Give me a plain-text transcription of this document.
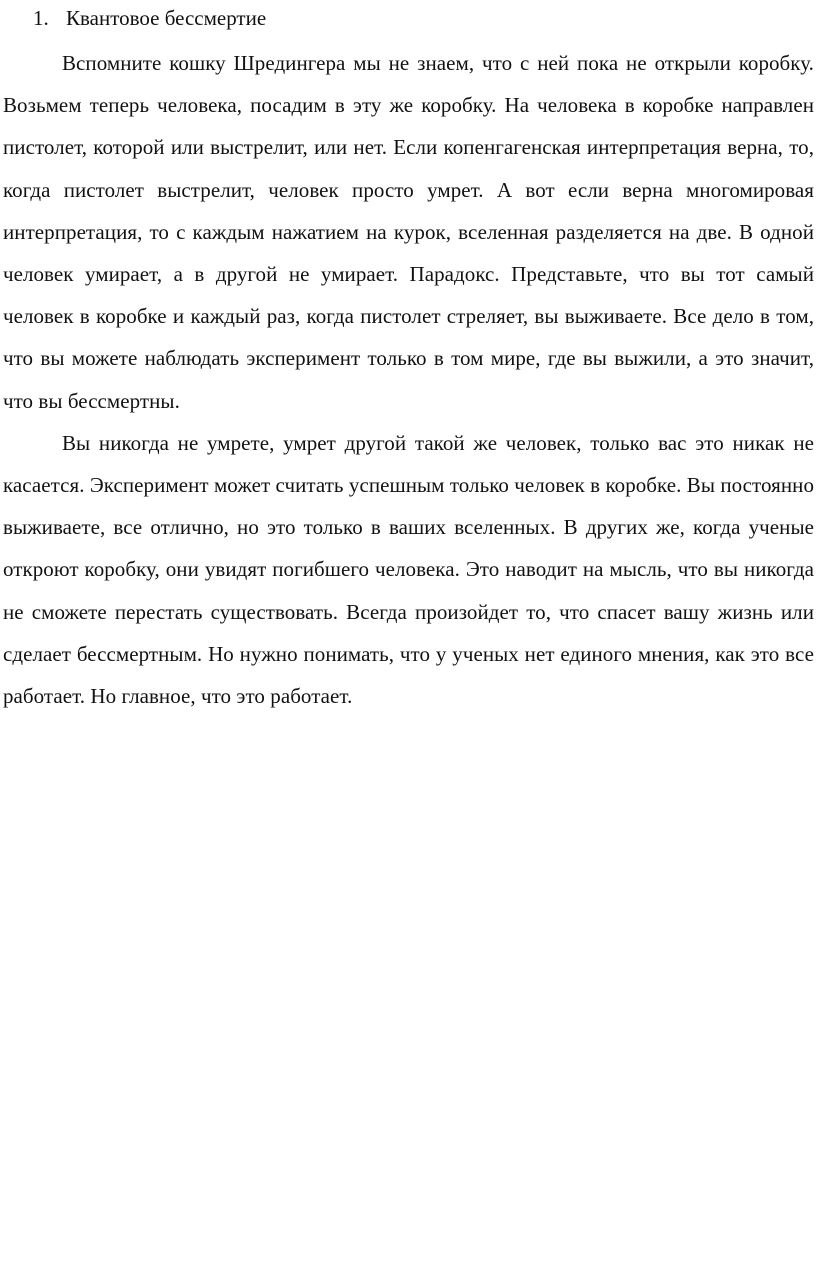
1. Квантовое бессмертие

Вспомните кошку Шредингера мы не знаем, что с ней пока не открыли коробку. Возьмем теперь человека, посадим в эту же коробку. На человека в коробке направлен пистолет, которой или выстрелит, или нет. Если копенгагенская интерпретация верна, то, когда пистолет выстрелит, человек просто умрет. А вот если верна многомировая интерпретация, то с каждым нажатием на курок, вселенная разделяется на две. В одной человек умирает, а в другой не умирает. Парадокс. Представьте, что вы тот самый человек в коробке и каждый раз, когда пистолет стреляет, вы выживаете. Все дело в том, что вы можете наблюдать эксперимент только в том мире, где вы выжили, а это значит, что вы бессмертны.

Вы никогда не умрете, умрет другой такой же человек, только вас это никак не касается. Эксперимент может считать успешным только человек в коробке. Вы постоянно выживаете, все отлично, но это только в ваших вселенных. В других же, когда ученые откроют коробку, они увидят погибшего человека. Это наводит на мысль, что вы никогда не сможете перестать существовать. Всегда произойдет то, что спасет вашу жизнь или сделает бессмертным. Но нужно понимать, что у ученых нет единого мнения, как это все работает. Но главное, что это работает.
